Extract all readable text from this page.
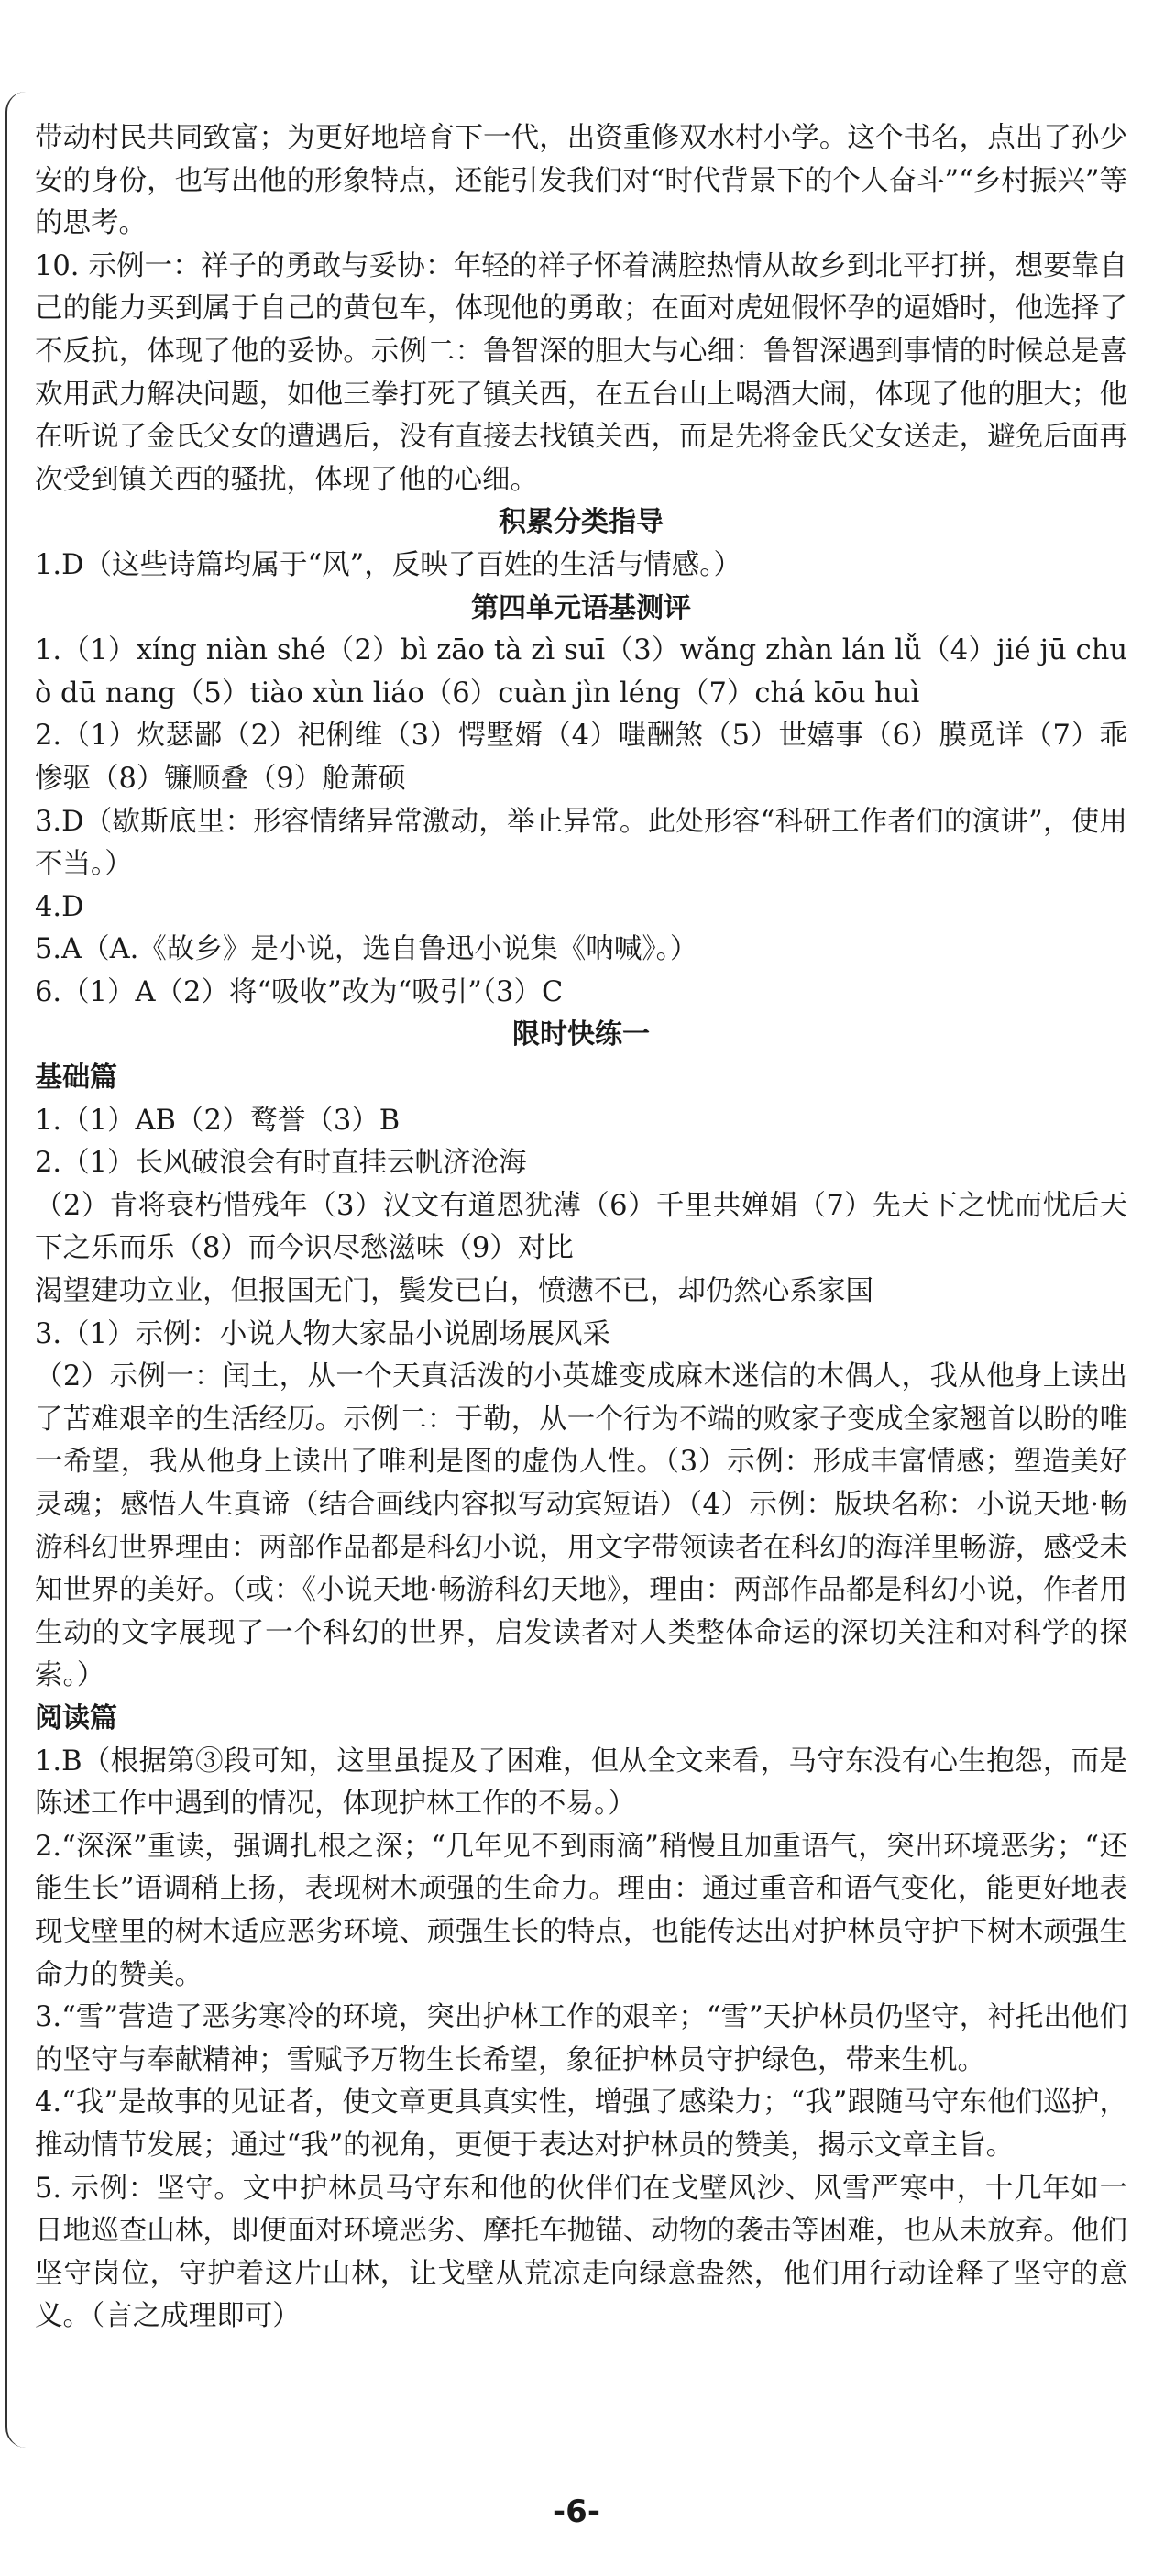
带动村民共同致富；为更好地培育下一代，出资重修双水村小学。这个书名，点出了孙少安的身份，也写出他的形象特点，还能引发我们对“时代背景下的个人奋斗”“乡村振兴”等的思考。
10. 示例一：祥子的勇敢与妥协：年轻的祥子怀着满腔热情从故乡到北平打拼，想要靠自己的能力买到属于自己的黄包车，体现他的勇敢；在面对虎妞假怀孕的逼婚时，他选择了不反抗，体现了他的妥协。示例二：鲁智深的胆大与心细：鲁智深遇到事情的时候总是喜欢用武力解决问题，如他三拳打死了镇关西，在五台山上喝酒大闹，体现了他的胆大；他在听说了金氏父女的遭遇后，没有直接去找镇关西，而是先将金氏父女送走，避免后面再次受到镇关西的骚扰，体现了他的心细。
积累分类指导
1.D（这些诗篇均属于“风”，反映了百姓的生活与情感。）
第四单元语基测评
1.（1）xíng niàn shé（2）bì zāo tà zì suī（3）wǎng zhàn lán lǚ（4）jié jū chuò dū nang（5）tiào xùn liáo（6）cuàn jìn léng（7）chá kōu huì
2.（1）炊瑟鄙（2）祀俐维（3）愕墅婿（4）嗤酬煞（5）世嬉事（6）膜觅详（7）乖惨驱（8）镰顺叠（9）舱萧硕
3.D（歇斯底里：形容情绪异常激动，举止异常。此处形容“科研工作者们的演讲”，使用不当。）
4.D
5.A（A.《故乡》是小说，选自鲁迅小说集《呐喊》。）
6.（1）A（2）将“吸收”改为“吸引”（3）C
限时快练一
基础篇
1.（1）AB（2）鹜誉（3）B
2.（1）长风破浪会有时直挂云帆济沧海
（2）肯将衰朽惜残年（3）汉文有道恩犹薄（6）千里共婵娟（7）先天下之忧而忧后天下之乐而乐（8）而今识尽愁滋味（9）对比
渴望建功立业，但报国无门，鬓发已白，愤懑不已，却仍然心系家国
3.（1）示例：小说人物大家品小说剧场展风采
（2）示例一：闰土，从一个天真活泼的小英雄变成麻木迷信的木偶人，我从他身上读出了苦难艰辛的生活经历。示例二：于勒，从一个行为不端的败家子变成全家翘首以盼的唯一希望，我从他身上读出了唯利是图的虚伪人性。（3）示例：形成丰富情感；塑造美好灵魂；感悟人生真谛（结合画线内容拟写动宾短语）（4）示例：版块名称：小说天地·畅游科幻世界理由：两部作品都是科幻小说，用文字带领读者在科幻的海洋里畅游，感受未知世界的美好。（或：《小说天地·畅游科幻天地》，理由：两部作品都是科幻小说，作者用生动的文字展现了一个科幻的世界，启发读者对人类整体命运的深切关注和对科学的探索。）
阅读篇
1.B（根据第③段可知，这里虽提及了困难，但从全文来看，马守东没有心生抱怨，而是陈述工作中遇到的情况，体现护林工作的不易。）
2.“深深”重读，强调扎根之深；“几年见不到雨滴”稍慢且加重语气，突出环境恶劣；“还能生长”语调稍上扬，表现树木顽强的生命力。理由：通过重音和语气变化，能更好地表现戈壁里的树木适应恶劣环境、顽强生长的特点，也能传达出对护林员守护下树木顽强生命力的赞美。
3.“雪”营造了恶劣寒冷的环境，突出护林工作的艰辛；“雪”天护林员仍坚守，衬托出他们的坚守与奉献精神；雪赋予万物生长希望，象征护林员守护绿色，带来生机。
4.“我”是故事的见证者，使文章更具真实性，增强了感染力；“我”跟随马守东他们巡护，推动情节发展；通过“我”的视角，更便于表达对护林员的赞美，揭示文章主旨。
5. 示例：坚守。文中护林员马守东和他的伙伴们在戈壁风沙、风雪严寒中，十几年如一日地巡查山林，即便面对环境恶劣、摩托车抛锚、动物的袭击等困难，也从未放弃。他们坚守岗位，守护着这片山林，让戈壁从荒凉走向绿意盎然，他们用行动诠释了坚守的意义。（言之成理即可）
-6-
